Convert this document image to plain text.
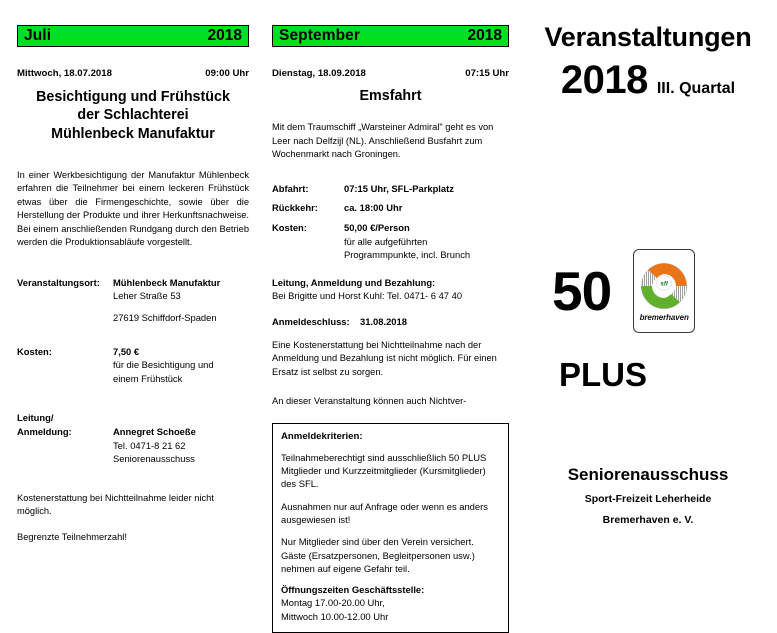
Juli	2018
Mittwoch, 18.07.2018	09:00 Uhr
Besichtigung und Frühstück
der Schlachterei
Mühlenbeck Manufaktur
In einer Werkbesichtigung der Manufaktur Mühlenbeck erfahren die Teilnehmer bei einem leckeren Frühstück etwas über die Firmengeschichte, sowie über die Herstellung der Produkte und ihrer Herkunftsnachweise. Bei einem anschließenden Rundgang durch den Betrieb werden die Produktionsabläufe vorgestellt.
Veranstaltungsort:	Mühlenbeck Manufaktur
Leher Straße 53
27619 Schiffdorf-Spaden
Kosten:	7,50 €
für die Besichtigung und
einem Frühstück
Leitung/
Anmeldung:	Annegret Schoeße
Tel. 0471-8 21 62
Seniorenausschuss
Kostenerstattung bei Nichtteilnahme leider nicht möglich.
Begrenzte Teilnehmerzahl!
September	2018
Dienstag, 18.09.2018	07:15 Uhr
Emsfahrt
Mit dem Traumschiff „Warsteiner Admiral" geht es von Leer nach Delfzijl (NL). Anschließend Busfahrt zum Wochenmarkt nach Groningen.
Abfahrt:	07:15 Uhr, SFL-Parkplatz
Rückkehr:	ca. 18:00 Uhr
Kosten:	50,00 €/Person
für alle aufgeführten
Programmpunkte, incl. Brunch
Leitung, Anmeldung und Bezahlung:
Bei Brigitte und Horst Kuhl: Tel. 0471- 6 47 40
Anmeldeschluss:	31.08.2018
Eine Kostenerstattung bei Nichtteilnahme nach der Anmeldung und Bezahlung ist nicht möglich. Für einen Ersatz ist selbst zu sorgen.
An dieser Veranstaltung können auch Nichtver-
Anmeldekriterien:
Teilnahmeberechtigt sind ausschließlich 50 PLUS Mitglieder und Kurzzeitmitglieder (Kursmitglieder) des SFL.
Ausnahmen nur auf Anfrage oder wenn es anders ausgewiesen ist!
Nur Mitglieder sind über den Verein versichert. Gäste (Ersatzpersonen, Begleitpersonen usw.) nehmen auf eigene Gefahr teil.
Öffnungszeiten Geschäftsstelle:
Montag 17.00-20.00 Uhr,
Mittwoch 10.00-12.00 Uhr
Veranstaltungen
2018 III. Quartal
50	sfl
bremerhaven
PLUS
Seniorenausschuss
Sport-Freizeit Leherheide
Bremerhaven e. V.
